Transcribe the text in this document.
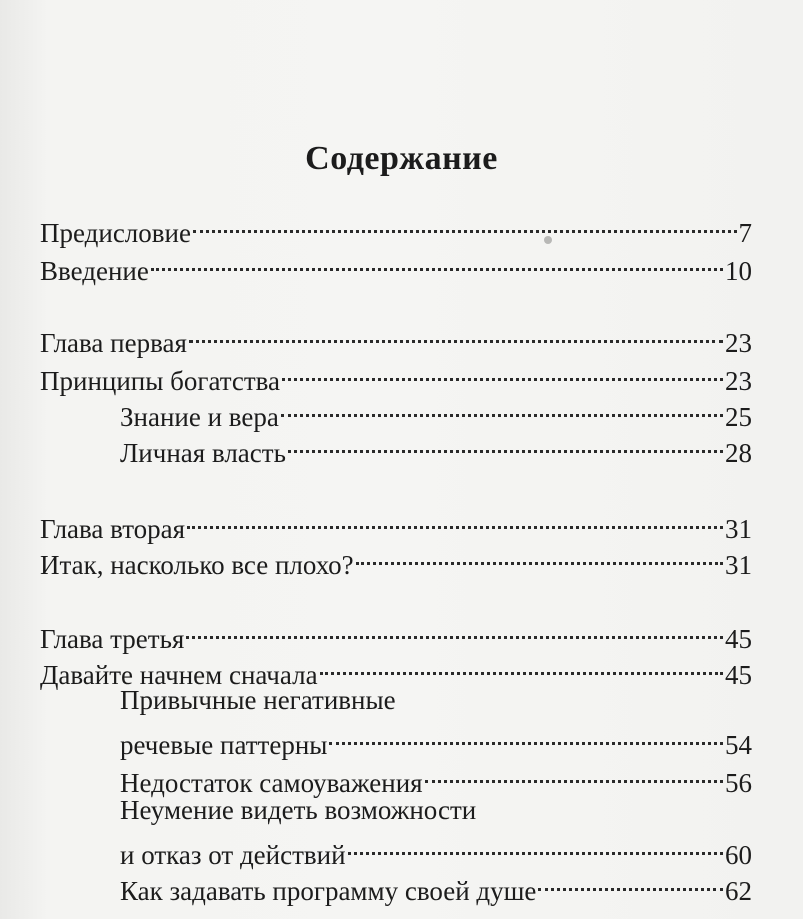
Содержание
Предисловие	7
Введение	10
Глава первая	23
Принципы богатства	23
Знание и вера	25
Личная власть	28
Глава вторая	31
Итак, насколько все плохо?	31
Глава третья	45
Давайте начнем сначала	45
Привычные негативные
речевые паттерны	54
Недостаток самоуважения	56
Неумение видеть возможности
и отказ от действий	60
Как задавать программу своей душе	62
